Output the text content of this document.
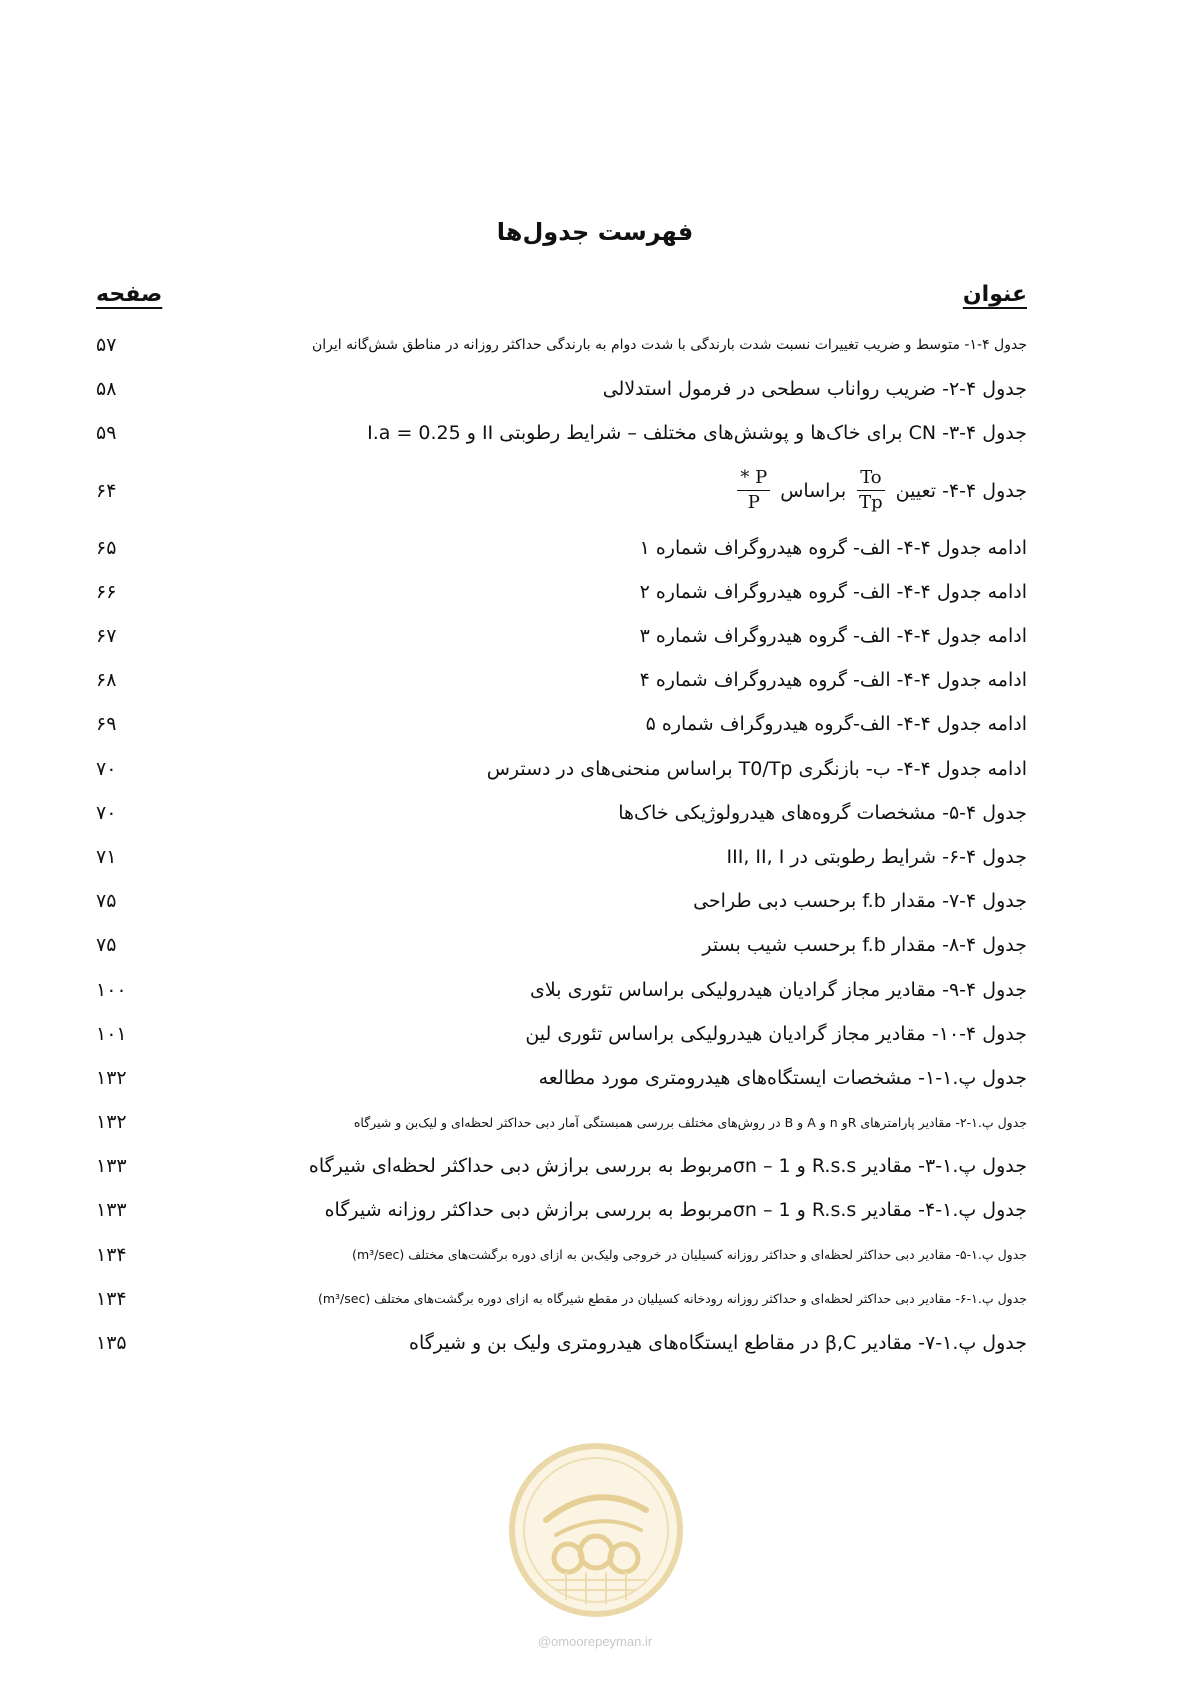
فهرست جدول‌ها
عنوان
صفحه
جدول ۴-۱- متوسط و ضریب تغییرات نسبت شدت بارندگی با شدت دوام به بارندگی حداکثر روزانه در مناطق شش‌گانه ایران
۵۷
جدول ۴-۲- ضریب رواناب سطحی در فرمول استدلالی
۵۸
جدول ۴-۳- CN برای خاک‌ها و پوشش‌های مختلف – شرایط رطوبتی II و I.a = 0.25
۵۹
جدول ۴-۴- تعیین
$\frac{To}{Tp}$
براساس
$\frac{P *}{P}$
۶۴
ادامه جدول ۴-۴- الف- گروه هیدروگراف شماره ۱
۶۵
ادامه جدول ۴-۴- الف- گروه هیدروگراف شماره ۲
۶۶
ادامه جدول ۴-۴- الف- گروه هیدروگراف شماره ۳
۶۷
ادامه جدول ۴-۴- الف- گروه هیدروگراف شماره ۴
۶۸
ادامه جدول ۴-۴- الف-گروه هیدروگراف شماره ۵
۶۹
ادامه جدول ۴-۴- ب- بازنگری T0/Tp براساس منحنی‌های در دسترس
۷۰
جدول ۴-۵- مشخصات گروه‌های هیدرولوژیکی خاک‌ها
۷۰
جدول ۴-۶- شرایط رطوبتی در III, II, I
۷۱
جدول ۴-۷- مقدار f.b برحسب دبی طراحی
۷۵
جدول ۴-۸- مقدار f.b برحسب شیب بستر
۷۵
جدول ۴-۹- مقادیر مجاز گرادیان هیدرولیکی براساس تئوری بلای
۱۰۰
جدول ۴-۱۰- مقادیر مجاز گرادیان هیدرولیکی براساس تئوری لین
۱۰۱
جدول پ.۱-۱- مشخصات ایستگاه‌های هیدرومتری مورد مطالعه
۱۳۲
جدول پ.۱-۲- مقادیر پارامترهای Rو n و A و B در روش‌های مختلف بررسی همبستگی آمار دبی حداکثر لحظه‌ای و لیک‌بن و شیرگاه
۱۳۲
جدول پ.۱-۳- مقادیر R.s.s و σn – 1مربوط به بررسی برازش دبی حداکثر لحظه‌ای شیرگاه
۱۳۳
جدول پ.۱-۴- مقادیر R.s.s و σn – 1مربوط به بررسی برازش دبی حداکثر روزانه شیرگاه
۱۳۳
جدول پ.۱-۵- مقادیر دبی حداکثر لحظه‌ای و حداکثر روزانه کسیلیان در خروجی ولیک‌بن به ازای دوره برگشت‌های مختلف (m³/sec)
۱۳۴
جدول پ.۱-۶- مقادیر دبی حداکثر لحظه‌ای و حداکثر روزانه رودخانه کسیلیان در مقطع شیرگاه به ازای دوره برگشت‌های مختلف (m³/sec)
۱۳۴
جدول پ.۱-۷- مقادیر β,C در مقاطع ایستگاه‌های هیدرومتری ولیک بن و شیرگاه
۱۳۵
@omoorepeyman.ir
